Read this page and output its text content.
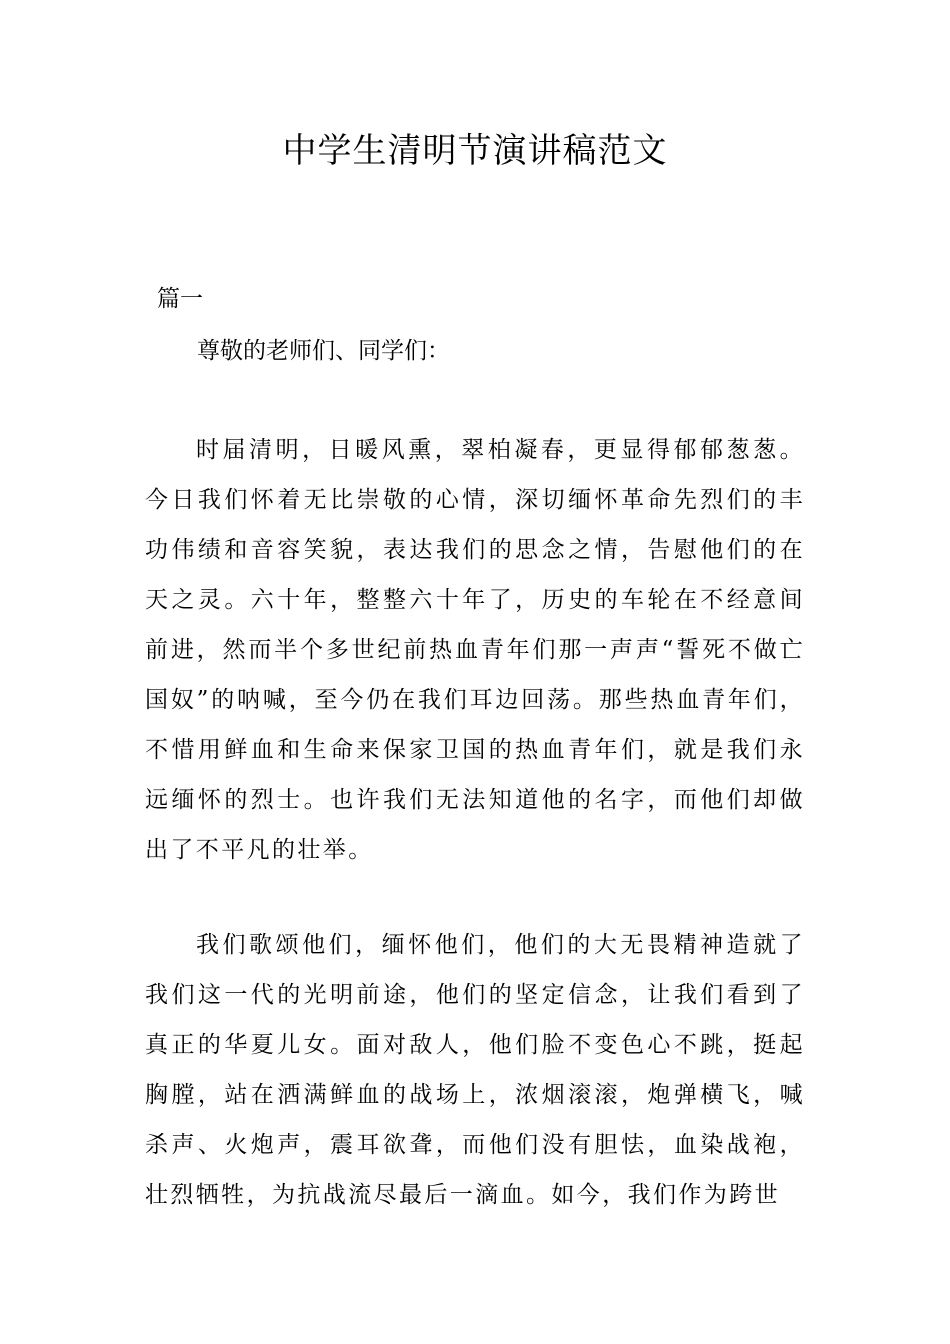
中学生清明节演讲稿范文

篇一

尊敬的老师们、同学们：

时届清明，日暖风熏，翠柏凝春，更显得郁郁葱葱。今日我们怀着无比崇敬的心情，深切缅怀革命先烈们的丰功伟绩和音容笑貌，表达我们的思念之情，告慰他们的在天之灵。六十年，整整六十年了，历史的车轮在不经意间前进，然而半个多世纪前热血青年们那一声声“誓死不做亡国奴”的呐喊，至今仍在我们耳边回荡。那些热血青年们，不惜用鲜血和生命来保家卫国的热血青年们，就是我们永远缅怀的烈士。也许我们无法知道他的名字，而他们却做出了不平凡的壮举。

我们歌颂他们，缅怀他们，他们的大无畏精神造就了我们这一代的光明前途，他们的坚定信念，让我们看到了真正的华夏儿女。面对敌人，他们脸不变色心不跳，挺起胸膛，站在洒满鲜血的战场上，浓烟滚滚，炮弹横飞，喊杀声、火炮声，震耳欲聋，而他们没有胆怯，血染战袍，壮烈牺牲，为抗战流尽最后一滴血。如今，我们作为跨世
